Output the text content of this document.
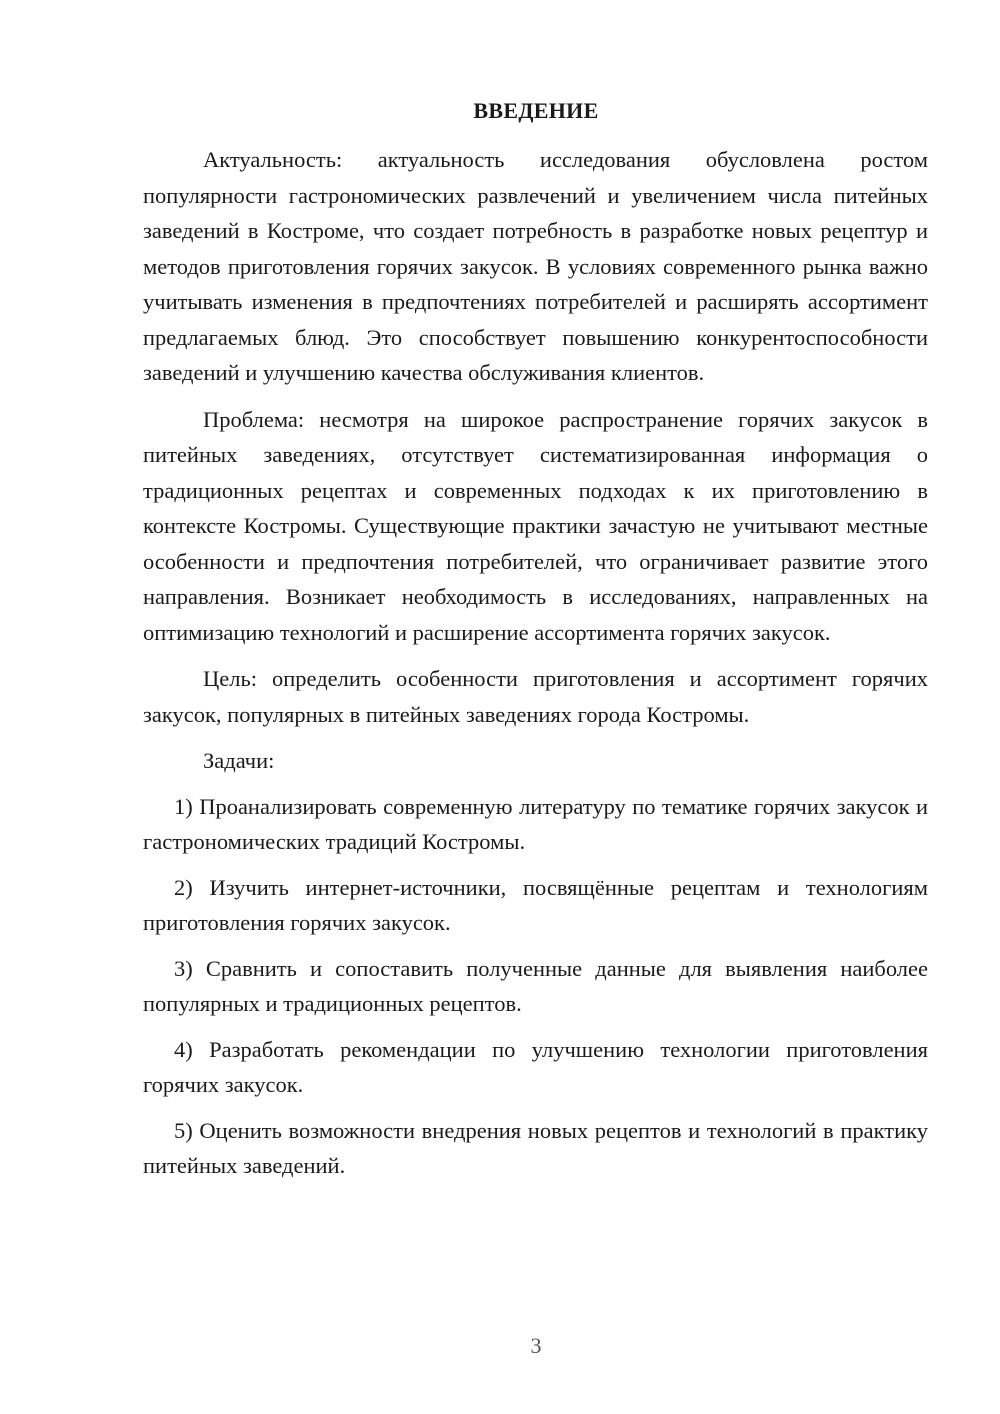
ВВЕДЕНИЕ

Актуальность: актуальность исследования обусловлена ростом популярности гастрономических развлечений и увеличением числа питейных заведений в Костроме, что создает потребность в разработке новых рецептур и методов приготовления горячих закусок. В условиях современного рынка важно учитывать изменения в предпочтениях потребителей и расширять ассортимент предлагаемых блюд. Это способствует повышению конкурентоспособности заведений и улучшению качества обслуживания клиентов.

Проблема: несмотря на широкое распространение горячих закусок в питейных заведениях, отсутствует систематизированная информация о традиционных рецептах и современных подходах к их приготовлению в контексте Костромы. Существующие практики зачастую не учитывают местные особенности и предпочтения потребителей, что ограничивает развитие этого направления. Возникает необходимость в исследованиях, направленных на оптимизацию технологий и расширение ассортимента горячих закусок.

Цель: определить особенности приготовления и ассортимент горячих закусок, популярных в питейных заведениях города Костромы.

Задачи:

1) Проанализировать современную литературу по тематике горячих закусок и гастрономических традиций Костромы.

2) Изучить интернет-источники, посвящённые рецептам и технологиям приготовления горячих закусок.

3) Сравнить и сопоставить полученные данные для выявления наиболее популярных и традиционных рецептов.

4) Разработать рекомендации по улучшению технологии приготовления горячих закусок.

5) Оценить возможности внедрения новых рецептов и технологий в практику питейных заведений.

3
